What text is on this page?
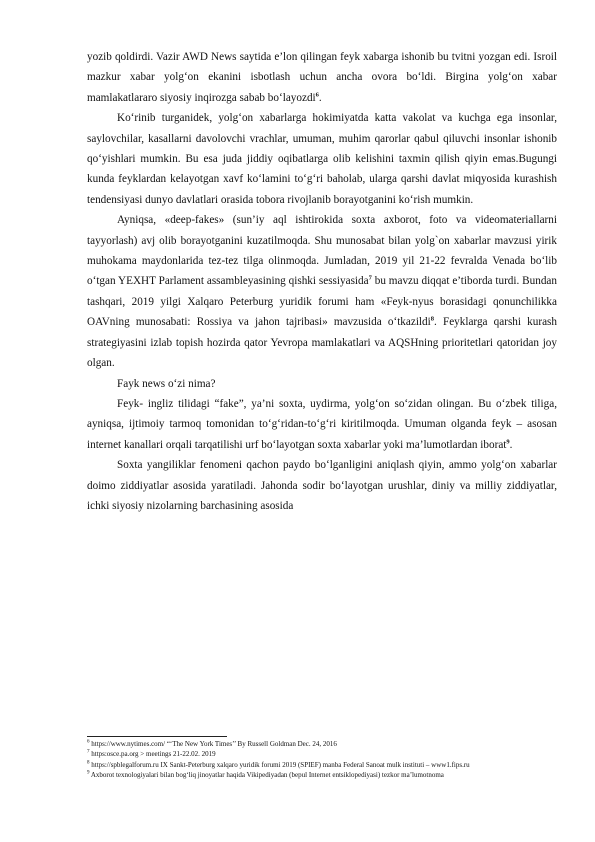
yozib qoldirdi. Vazir AWD News saytida e’lon qilingan feyk xabarga ishonib bu tvitni yozgan edi. Isroil mazkur xabar yolg‘on ekanini isbotlash uchun ancha ovora bo‘ldi. Birgina yolg‘on xabar mamlakatlararo siyosiy inqirozga sabab bo‘layozdi$^6$.

Ko‘rinib turganidek, yolg‘on xabarlarga hokimiyatda katta vakolat va kuchga ega insonlar, saylovchilar, kasallarni davolovchi vrachlar, umuman, muhim qarorlar qabul qiluvchi insonlar ishonib qo‘yishlari mumkin. Bu esa juda jiddiy oqibatlarga olib kelishini taxmin qilish qiyin emas.Bugungi kunda feyklardan kelayotgan xavf ko‘lamini to‘g‘ri baholab, ularga qarshi davlat miqyosida kurashish tendensiyasi dunyo davlatlari orasida tobora rivojlanib borayotganini ko‘rish mumkin.

Ayniqsa, «deep-fakes» (sun’iy aql ishtirokida soxta axborot, foto va videomateriallarni tayyorlash) avj olib borayotganini kuzatilmoqda. Shu munosabat bilan yolg`on xabarlar mavzusi yirik muhokama maydonlarida tez-tez tilga olinmoqda. Jumladan, 2019 yil 21-22 fevralda Venada bo‘lib o‘tgan YEXHT Parlament assambleyasining qishki sessiyasida$^7$ bu mavzu diqqat e’tiborda turdi. Bundan tashqari, 2019 yilgi Xalqaro Peterburg yuridik forumi ham «Feyk-nyus borasidagi qonunchilikka OAVning munosabati: Rossiya va jahon tajribasi» mavzusida o‘tkazildi$^8$. Feyklarga qarshi kurash strategiyasini izlab topish hozirda qator Yevropa mamlakatlari va AQSHning prioritetlari qatoridan joy olgan.

Fayk news o‘zi nima?

Feyk- ingliz tilidagi “fake”, ya’ni soxta, uydirma, yolg‘on so‘zidan olingan. Bu o‘zbek tiliga, ayniqsa, ijtimoiy tarmoq tomonidan to‘g‘ridan-to‘g‘ri kiritilmoqda. Umuman olganda feyk – asosan internet kanallari orqali tarqatilishi urf bo‘layotgan soxta xabarlar yoki ma’lumotlardan iborat$^9$.

Soxta yangiliklar fenomeni qachon paydo bo‘lganligini aniqlash qiyin, ammo yolg‘on xabarlar doimo ziddiyatlar asosida yaratiladi. Jahonda sodir bo‘layotgan urushlar, diniy va milliy ziddiyatlar, ichki siyosiy nizolarning barchasining asosida

$^6$ https://www.nytimes.com/ “‘The New York Times’’ By Russell Goldman Dec. 24, 2016
$^7$ https:osce.pa.org > meetings 21-22.02. 2019
$^8$ https://spblegalforum.ru IX Sankt-Peterburg xalqaro yuridik forumi 2019 (SPIEF) manba Federal Sanoat mulk instituti – www1.fips.ru
$^9$ Axborot texnologiyalari bilan bog‘liq jinoyatlar haqida Vikipediyadan (bepul Internet entsiklopediyasi) tezkor ma’lumotnoma
